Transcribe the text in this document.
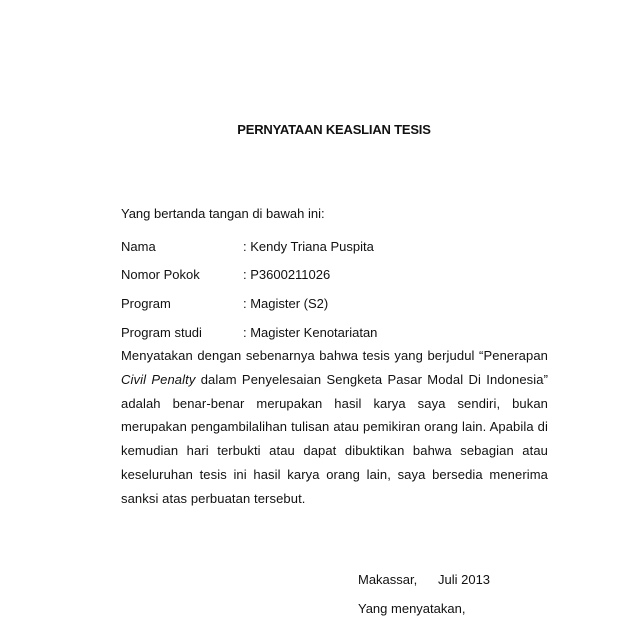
PERNYATAAN KEASLIAN TESIS
Yang bertanda tangan di bawah ini:
Nama	: Kendy Triana Puspita
Nomor Pokok	: P3600211026
Program	: Magister (S2)
Program studi	: Magister Kenotariatan
Menyatakan dengan sebenarnya bahwa tesis yang berjudul “Penerapan Civil Penalty dalam Penyelesaian Sengketa Pasar Modal Di Indonesia” adalah benar-benar merupakan hasil karya saya sendiri, bukan merupakan pengambilalihan tulisan atau pemikiran orang lain. Apabila di kemudian hari terbukti atau dapat dibuktikan bahwa sebagian atau keseluruhan tesis ini hasil karya orang lain, saya bersedia menerima sanksi atas perbuatan tersebut.
Makassar, Juli 2013
Yang menyatakan,
